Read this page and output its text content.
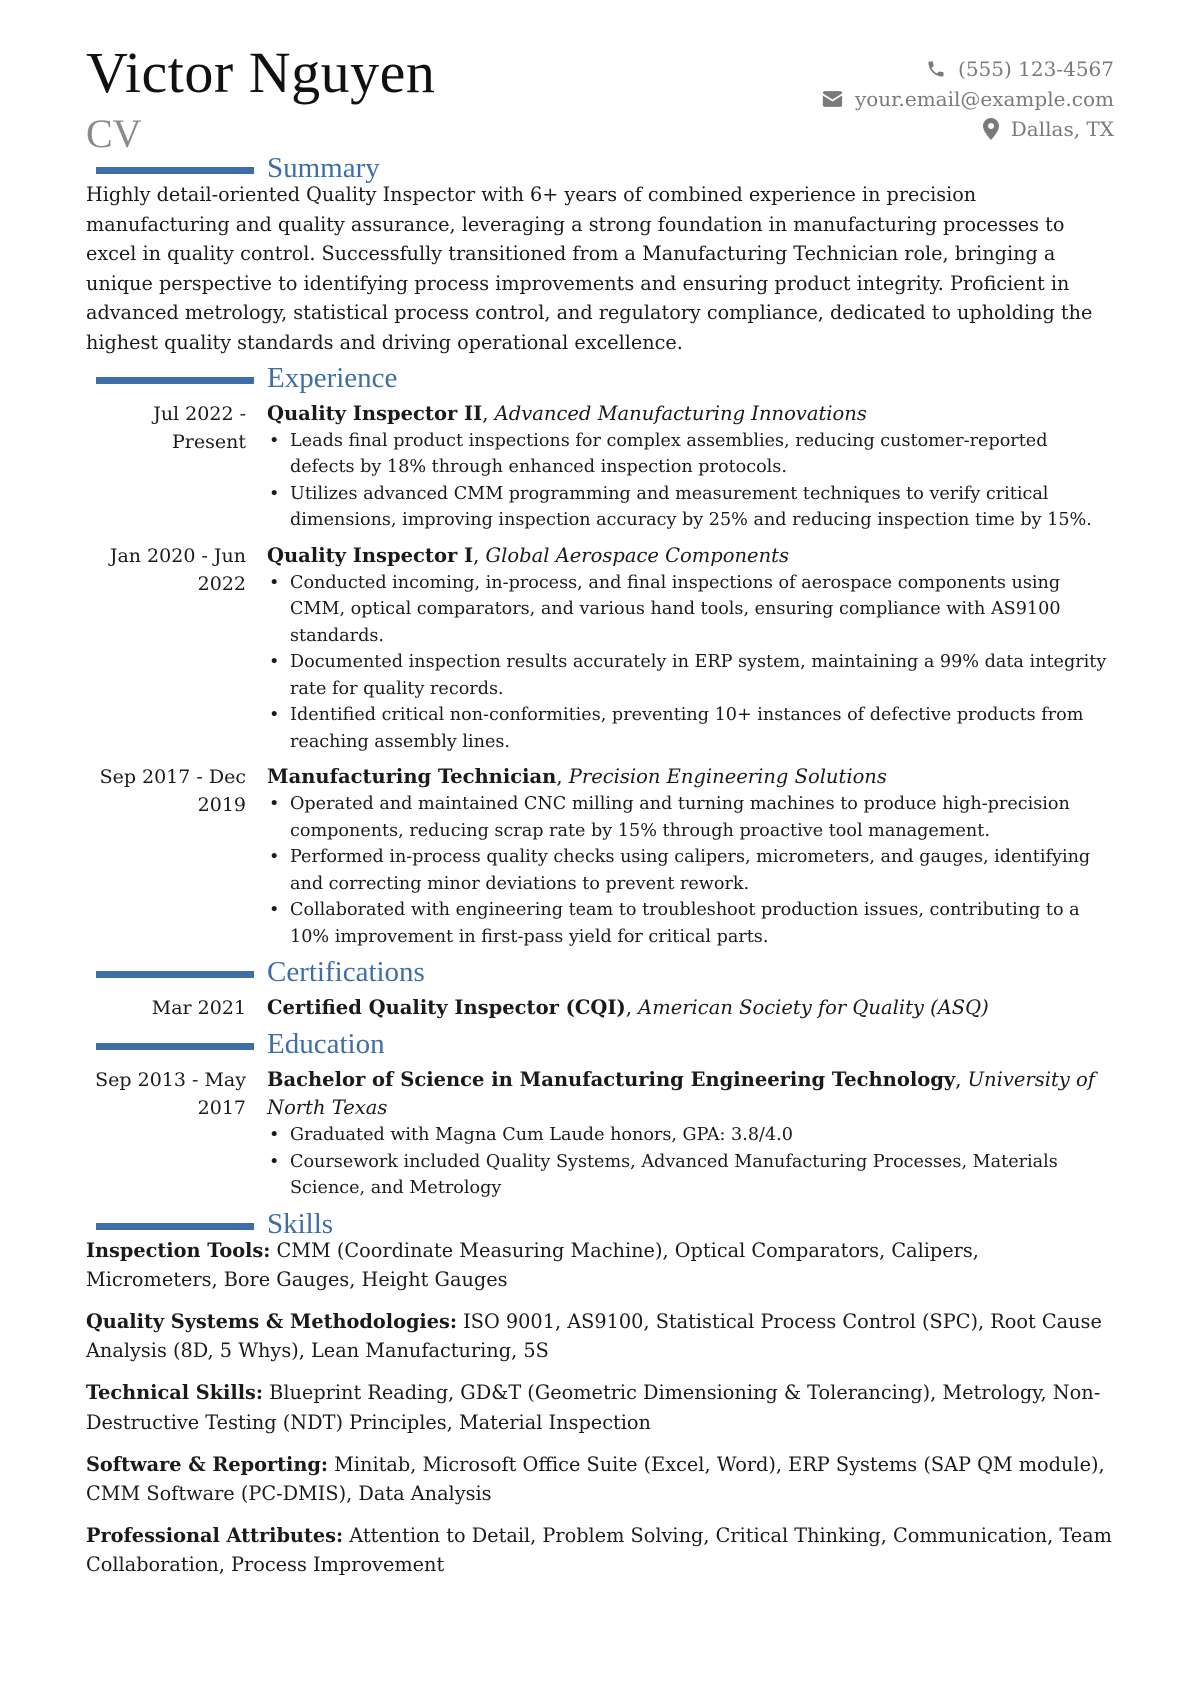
Victor Nguyen
CV
(555) 123-4567
your.email@example.com
Dallas, TX
Summary

Highly detail-oriented Quality Inspector with 6+ years of combined experience in precision manufacturing and quality assurance, leveraging a strong foundation in manufacturing processes to excel in quality control. Successfully transitioned from a Manufacturing Technician role, bringing a unique perspective to identifying process improvements and ensuring product integrity. Proficient in advanced metrology, statistical process control, and regulatory compliance, dedicated to upholding the highest quality standards and driving operational excellence.

Experience
Jul 2022 - Present
Quality Inspector II, Advanced Manufacturing Innovations
• Leads final product inspections for complex assemblies, reducing customer-reported defects by 18% through enhanced inspection protocols.
• Utilizes advanced CMM programming and measurement techniques to verify critical dimensions, improving inspection accuracy by 25% and reducing inspection time by 15%.
Jan 2020 - Jun 2022
Quality Inspector I, Global Aerospace Components
• Conducted incoming, in-process, and final inspections of aerospace components using CMM, optical comparators, and various hand tools, ensuring compliance with AS9100 standards.
• Documented inspection results accurately in ERP system, maintaining a 99% data integrity rate for quality records.
• Identified critical non-conformities, preventing 10+ instances of defective products from reaching assembly lines.
Sep 2017 - Dec 2019
Manufacturing Technician, Precision Engineering Solutions
• Operated and maintained CNC milling and turning machines to produce high-precision components, reducing scrap rate by 15% through proactive tool management.
• Performed in-process quality checks using calipers, micrometers, and gauges, identifying and correcting minor deviations to prevent rework.
• Collaborated with engineering team to troubleshoot production issues, contributing to a 10% improvement in first-pass yield for critical parts.
Certifications
Mar 2021	Certified Quality Inspector (CQI), American Society for Quality (ASQ)
Education
Sep 2013 - May 2017
Bachelor of Science in Manufacturing Engineering Technology, University of North Texas
• Graduated with Magna Cum Laude honors, GPA: 3.8/4.0
• Coursework included Quality Systems, Advanced Manufacturing Processes, Materials Science, and Metrology
Skills

Inspection Tools: CMM (Coordinate Measuring Machine), Optical Comparators, Calipers, Micrometers, Bore Gauges, Height Gauges

Quality Systems & Methodologies: ISO 9001, AS9100, Statistical Process Control (SPC), Root Cause Analysis (8D, 5 Whys), Lean Manufacturing, 5S

Technical Skills: Blueprint Reading, GD&T (Geometric Dimensioning & Tolerancing), Metrology, Non-Destructive Testing (NDT) Principles, Material Inspection

Software & Reporting: Minitab, Microsoft Office Suite (Excel, Word), ERP Systems (SAP QM module), CMM Software (PC-DMIS), Data Analysis

Professional Attributes: Attention to Detail, Problem Solving, Critical Thinking, Communication, Team Collaboration, Process Improvement
